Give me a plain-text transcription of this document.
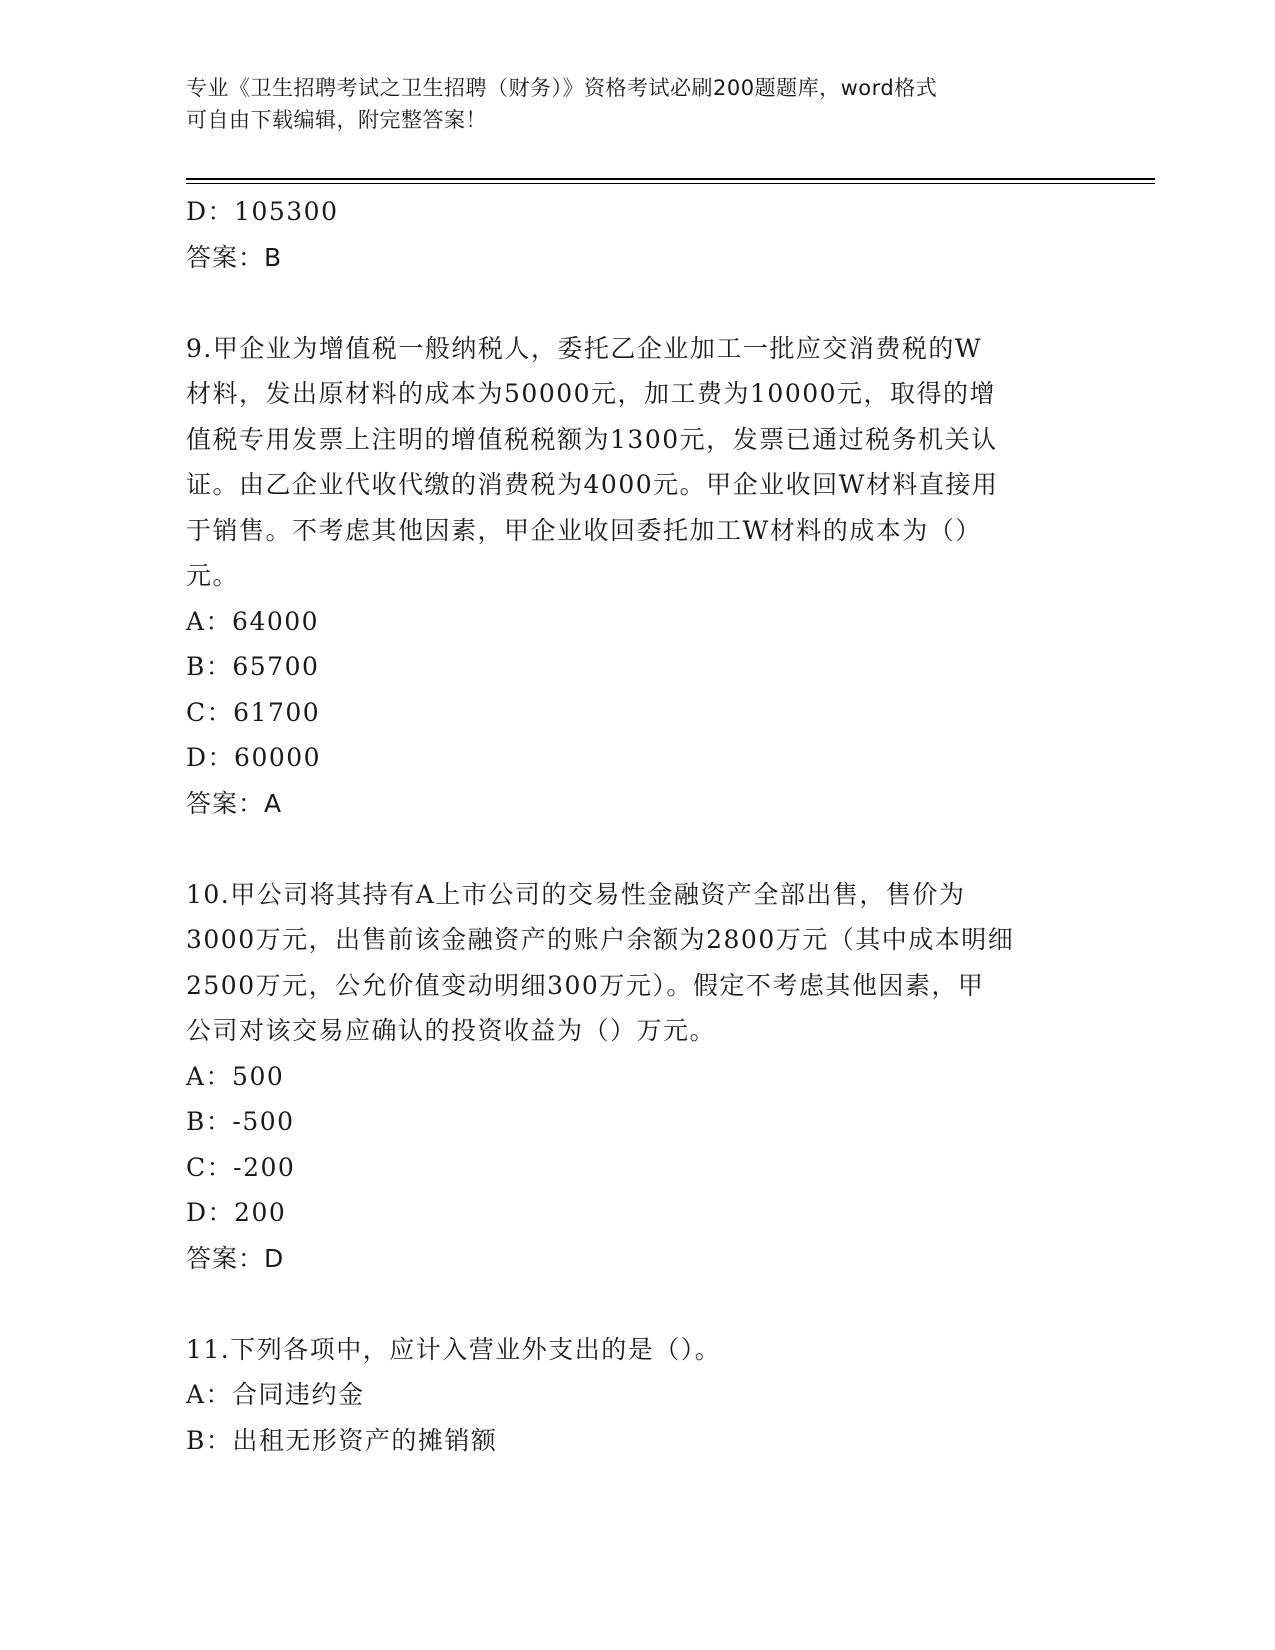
专业《卫生招聘考试之卫生招聘（财务）》资格考试必刷200题题库，word格式
可自由下载编辑，附完整答案！
D：105300
答案：B
9.甲企业为增值税一般纳税人，委托乙企业加工一批应交消费税的W
材料，发出原材料的成本为50000元，加工费为10000元，取得的增
值税专用发票上注明的增值税税额为1300元，发票已通过税务机关认
证。由乙企业代收代缴的消费税为4000元。甲企业收回W材料直接用
于销售。不考虑其他因素，甲企业收回委托加工W材料的成本为（）
元。
A：64000
B：65700
C：61700
D：60000
答案：A
10.甲公司将其持有A上市公司的交易性金融资产全部出售，售价为
3000万元，出售前该金融资产的账户余额为2800万元（其中成本明细
2500万元，公允价值变动明细300万元）。假定不考虑其他因素，甲
公司对该交易应确认的投资收益为（）万元。
A：500
B：-500
C：-200
D：200
答案：D
11.下列各项中，应计入营业外支出的是（）。
A：合同违约金
B：出租无形资产的摊销额
